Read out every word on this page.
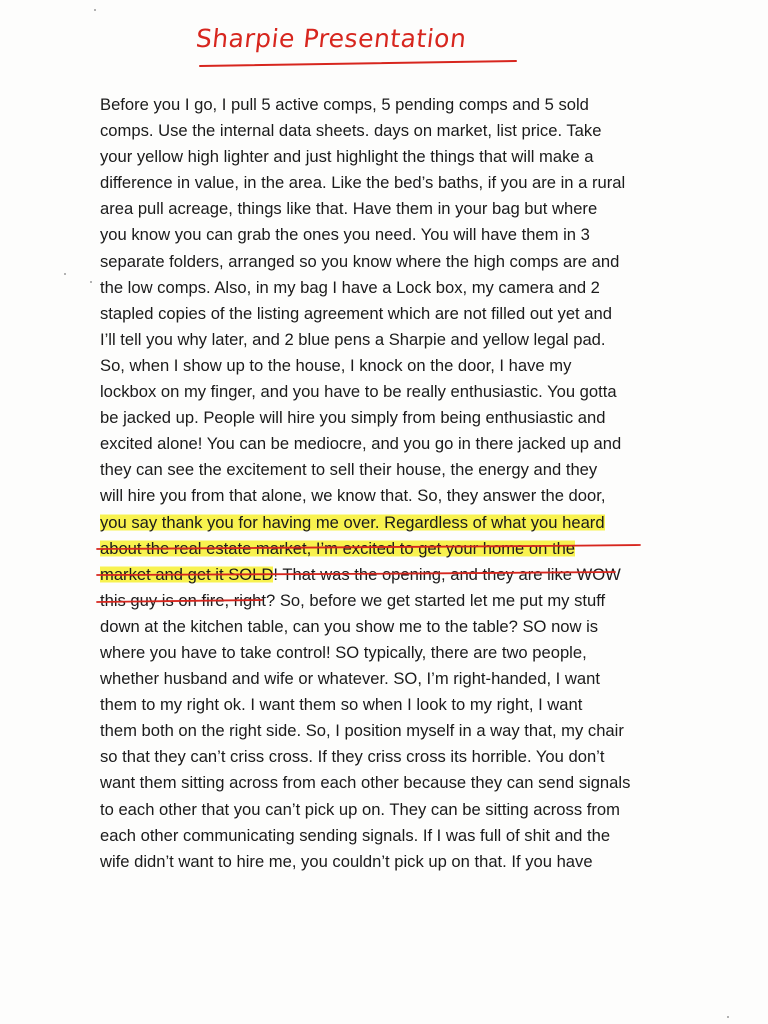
Sharpie Presentation
Before you I go, I pull 5 active comps, 5 pending comps and 5 sold
comps. Use the internal data sheets. days on market, list price. Take
your yellow high lighter and just highlight the things that will make a
difference in value, in the area. Like the bed’s baths, if you are in a rural
area pull acreage, things like that. Have them in your bag but where
you know you can grab the ones you need. You will have them in 3
separate folders, arranged so you know where the high comps are and
the low comps. Also, in my bag I have a Lock box, my camera and 2
stapled copies of the listing agreement which are not filled out yet and
I’ll tell you why later, and 2 blue pens a Sharpie and yellow legal pad.
So, when I show up to the house, I knock on the door, I have my
lockbox on my finger, and you have to be really enthusiastic. You gotta
be jacked up. People will hire you simply from being enthusiastic and
excited alone! You can be mediocre, and you go in there jacked up and
they can see the excitement to sell their house, the energy and they
will hire you from that alone, we know that. So, they answer the door,
you say thank you for having me over. Regardless of what you heard
about the real estate market, I’m excited to get your home on the
market and get it SOLD! That was the opening, and they are like WOW
this guy is on fire, right? So, before we get started let me put my stuff
down at the kitchen table, can you show me to the table? SO now is
where you have to take control! SO typically, there are two people,
whether husband and wife or whatever. SO, I’m right-handed, I want
them to my right ok. I want them so when I look to my right, I want
them both on the right side. So, I position myself in a way that, my chair
so that they can’t criss cross. If they criss cross its horrible. You don’t
want them sitting across from each other because they can send signals
to each other that you can’t pick up on. They can be sitting across from
each other communicating sending signals. If I was full of shit and the
wife didn’t want to hire me, you couldn’t pick up on that. If you have
